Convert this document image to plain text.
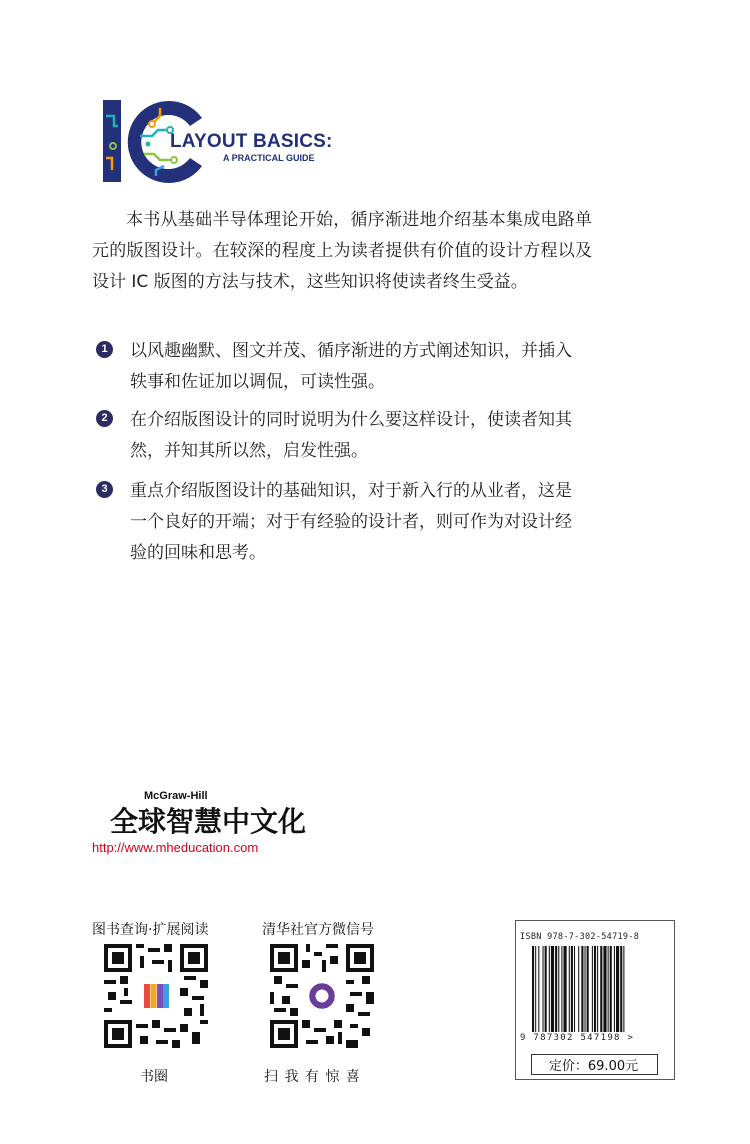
LAYOUT BASICS:
A PRACTICAL GUIDE
本书从基础半导体理论开始，循序渐进地介绍基本集成电路单元的版图设计。在较深的程度上为读者提供有价值的设计方程以及设计 IC 版图的方法与技术，这些知识将使读者终生受益。
1	以风趣幽默、图文并茂、循序渐进的方式阐述知识，并插入轶事和佐证加以调侃，可读性强。
2	在介绍版图设计的同时说明为什么要这样设计，使读者知其然，并知其所以然，启发性强。
3	重点介绍版图设计的基础知识，对于新入行的从业者，这是一个良好的开端；对于有经验的设计者，则可作为对设计经验的回味和思考。
McGraw-Hill
全球智慧中文化
http://www.mheducation.com
图书查询·扩展阅读
书圈
清华社官方微信号
扫 我 有 惊 喜
ISBN 978-7-302-54719-8
9 787302 547198 >
定价：69.00元
